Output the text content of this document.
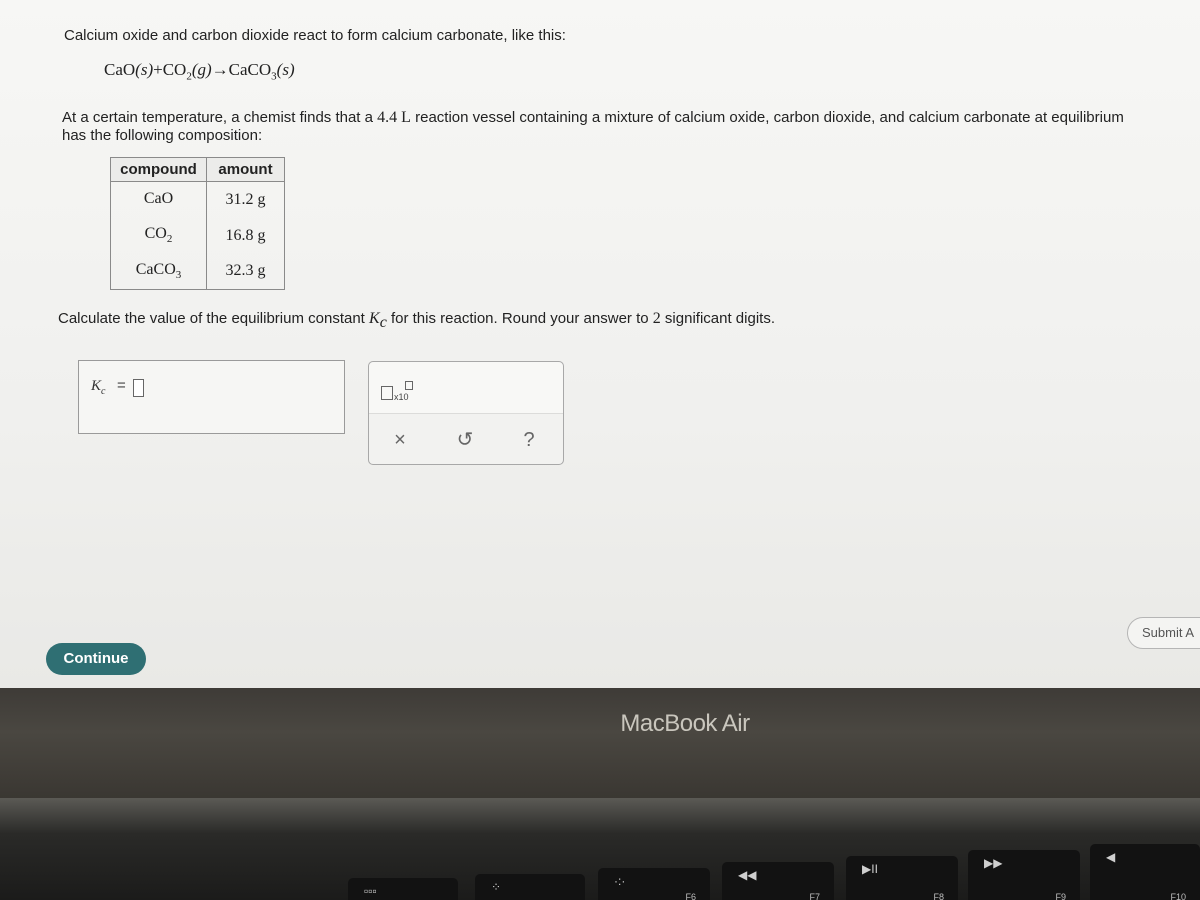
Calcium oxide and carbon dioxide react to form calcium carbonate, like this:
$CaO(s)+CO_2(g)\to CaCO_3(s)$
At a certain temperature, a chemist finds that a 4.4 L reaction vessel containing a mixture of calcium oxide, carbon dioxide, and calcium carbonate at equilibrium has the following composition:
compound	amount
CaO	31.2 g
$CO_2$	16.8 g
CaCO$_3$	32.3 g
Calculate the value of the equilibrium constant $K_c$ for this reaction. Round your answer to 2 significant digits.
$K_c$ =
x10
×	↺	?
Continue
Submit A
MacBook Air
▫▫▫	⁘	·:·
F6
◀◀
F7
▶II
F8
▶▶
F9
◀
F10
